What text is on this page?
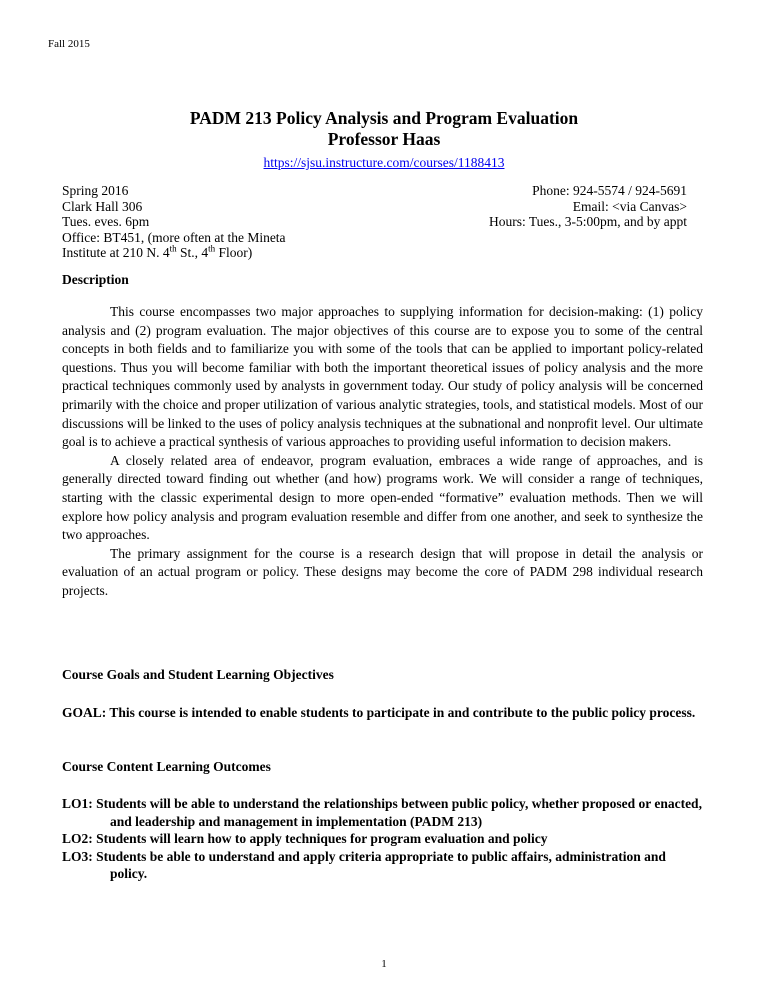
Fall 2015
PADM 213 Policy Analysis and Program Evaluation
Professor Haas
https://sjsu.instructure.com/courses/1188413
Spring 2016
Clark Hall 306
Tues. eves. 6pm
Office: BT451, (more often at the Mineta
Institute at 210 N. 4th St., 4th Floor)
Phone: 924-5574 / 924-5691
Email: <via Canvas>
Hours: Tues., 3-5:00pm, and by appt
Description

This course encompasses two major approaches to supplying information for decision-making: (1) policy analysis and (2) program evaluation. The major objectives of this course are to expose you to some of the central concepts in both fields and to familiarize you with some of the tools that can be applied to important policy-related questions. Thus you will become familiar with both the important theoretical issues of policy analysis and the more practical techniques commonly used by analysts in government today. Our study of policy analysis will be concerned primarily with the choice and proper utilization of various analytic strategies, tools, and statistical models. Most of our discussions will be linked to the uses of policy analysis techniques at the subnational and nonprofit level. Our ultimate goal is to achieve a practical synthesis of various approaches to providing useful information to decision makers.

A closely related area of endeavor, program evaluation, embraces a wide range of approaches, and is generally directed toward finding out whether (and how) programs work. We will consider a range of techniques, starting with the classic experimental design to more open-ended “formative” evaluation methods. Then we will explore how policy analysis and program evaluation resemble and differ from one another, and seek to synthesize the two approaches.

The primary assignment for the course is a research design that will propose in detail the analysis or evaluation of an actual program or policy. These designs may become the core of PADM 298 individual research projects.

Course Goals and Student Learning Objectives
GOAL: This course is intended to enable students to participate in and contribute to the public policy process.
Course Content Learning Outcomes

LO1: Students will be able to understand the relationships between public policy, whether proposed or enacted, and leadership and management in implementation (PADM 213)

LO2: Students will learn how to apply techniques for program evaluation and policy

LO3: Students be able to understand and apply criteria appropriate to public affairs, administration and policy.

1
